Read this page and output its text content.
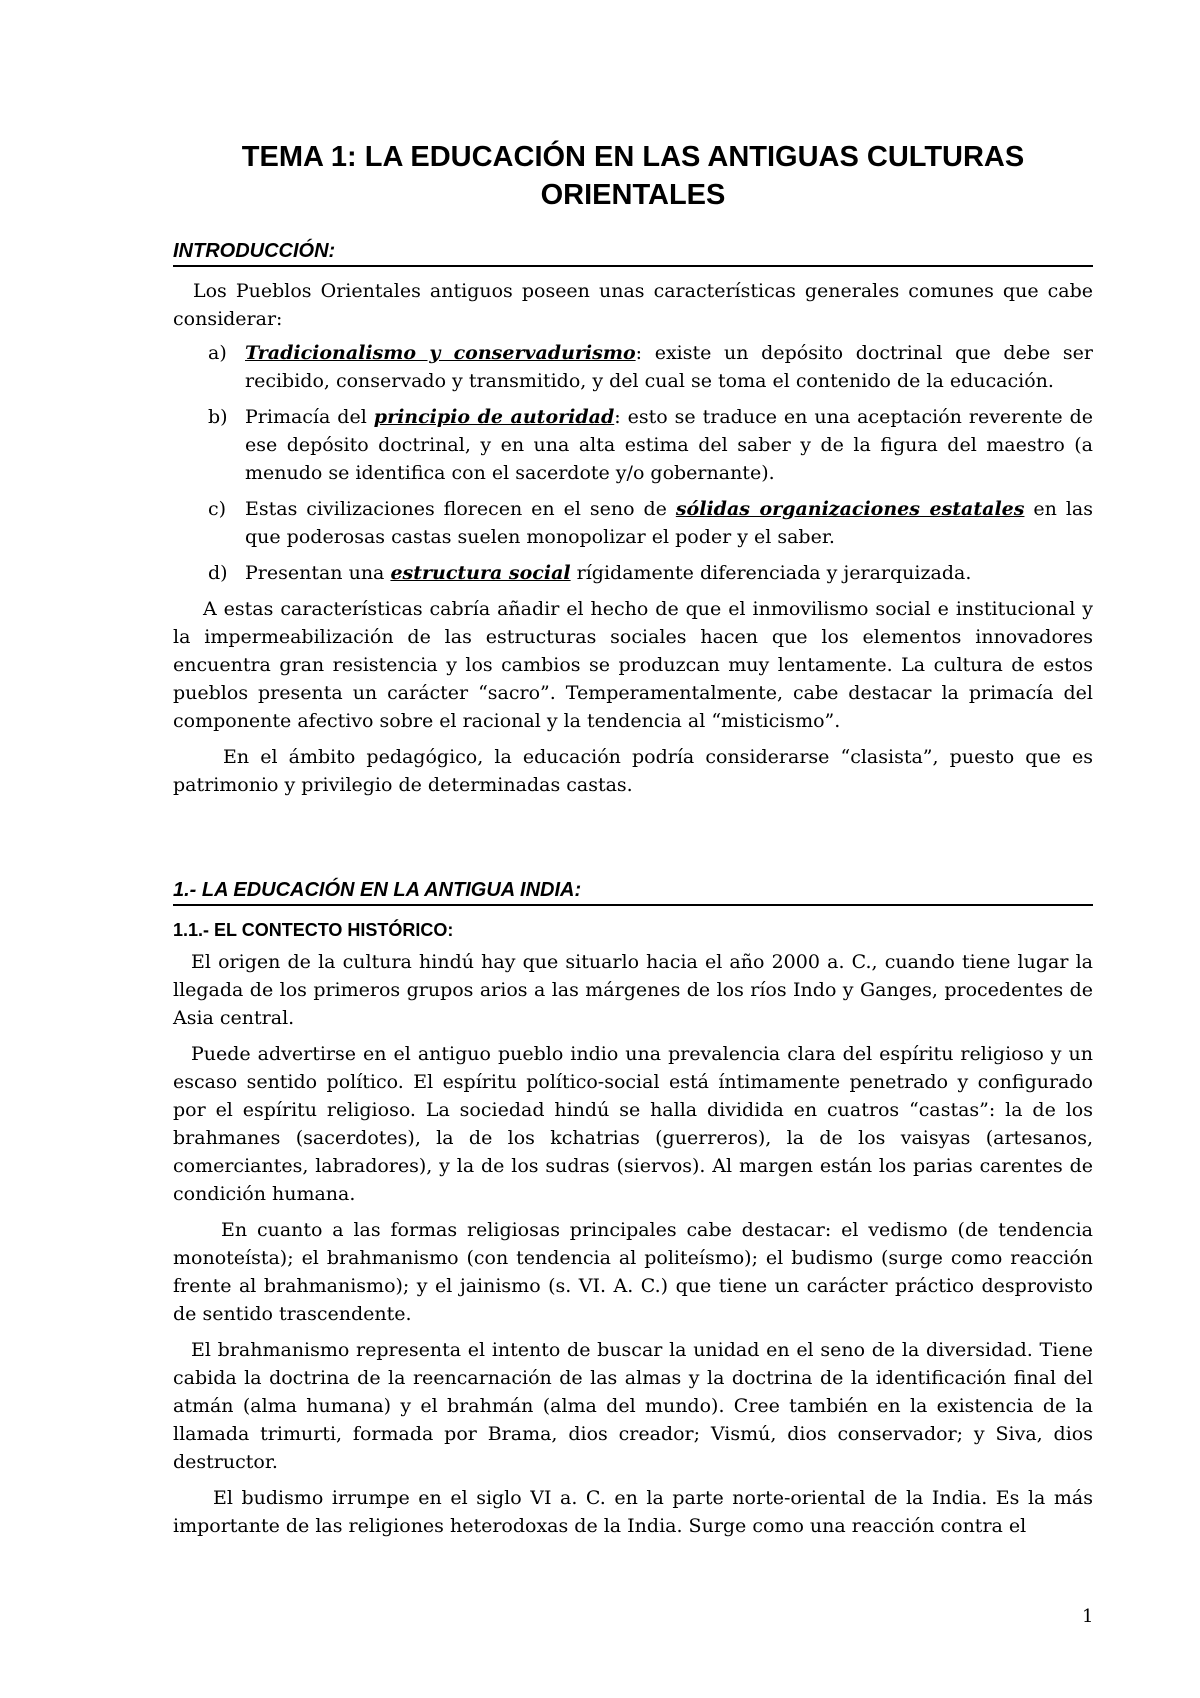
TEMA 1: LA EDUCACIÓN EN LAS ANTIGUAS CULTURAS
ORIENTALES
INTRODUCCIÓN:

Los Pueblos Orientales antiguos poseen unas características generales comunes que cabe considerar:

a) Tradicionalismo y conservadurismo: existe un depósito doctrinal que debe ser recibido, conservado y transmitido, y del cual se toma el contenido de la educación.
b) Primacía del principio de autoridad: esto se traduce en una aceptación reverente de ese depósito doctrinal, y en una alta estima del saber y de la figura del maestro (a menudo se identifica con el sacerdote y/o gobernante).
c) Estas civilizaciones florecen en el seno de sólidas organizaciones estatales en las que poderosas castas suelen monopolizar el poder y el saber.
d) Presentan una estructura social rígidamente diferenciada y jerarquizada.

A estas características cabría añadir el hecho de que el inmovilismo social e institucional y la impermeabilización de las estructuras sociales hacen que los elementos innovadores encuentra gran resistencia y los cambios se produzcan muy lentamente. La cultura de estos pueblos presenta un carácter “sacro”. Temperamentalmente, cabe destacar la primacía del componente afectivo sobre el racional y la tendencia al “misticismo”.

En el ámbito pedagógico, la educación podría considerarse “clasista”, puesto que es patrimonio y privilegio de determinadas castas.

1.- LA EDUCACIÓN EN LA ANTIGUA INDIA:
1.1.- EL CONTECTO HISTÓRICO:

El origen de la cultura hindú hay que situarlo hacia el año 2000 a. C., cuando tiene lugar la llegada de los primeros grupos arios a las márgenes de los ríos Indo y Ganges, procedentes de Asia central.

Puede advertirse en el antiguo pueblo indio una prevalencia clara del espíritu religioso y un escaso sentido político. El espíritu político-social está íntimamente penetrado y configurado por el espíritu religioso. La sociedad hindú se halla dividida en cuatros “castas”: la de los brahmanes (sacerdotes), la de los kchatrias (guerreros), la de los vaisyas (artesanos, comerciantes, labradores), y la de los sudras (siervos). Al margen están los parias carentes de condición humana.

En cuanto a las formas religiosas principales cabe destacar: el vedismo (de tendencia monoteísta); el brahmanismo (con tendencia al politeísmo); el budismo (surge como reacción frente al brahmanismo); y el jainismo (s. VI. A. C.) que tiene un carácter práctico desprovisto de sentido trascendente.

El brahmanismo representa el intento de buscar la unidad en el seno de la diversidad. Tiene cabida la doctrina de la reencarnación de las almas y la doctrina de la identificación final del atmán (alma humana) y el brahmán (alma del mundo). Cree también en la existencia de la llamada trimurti, formada por Brama, dios creador; Vismú, dios conservador; y Siva, dios destructor.

El budismo irrumpe en el siglo VI a. C. en la parte norte-oriental de la India. Es la más importante de las religiones heterodoxas de la India. Surge como una reacción contra el

1
